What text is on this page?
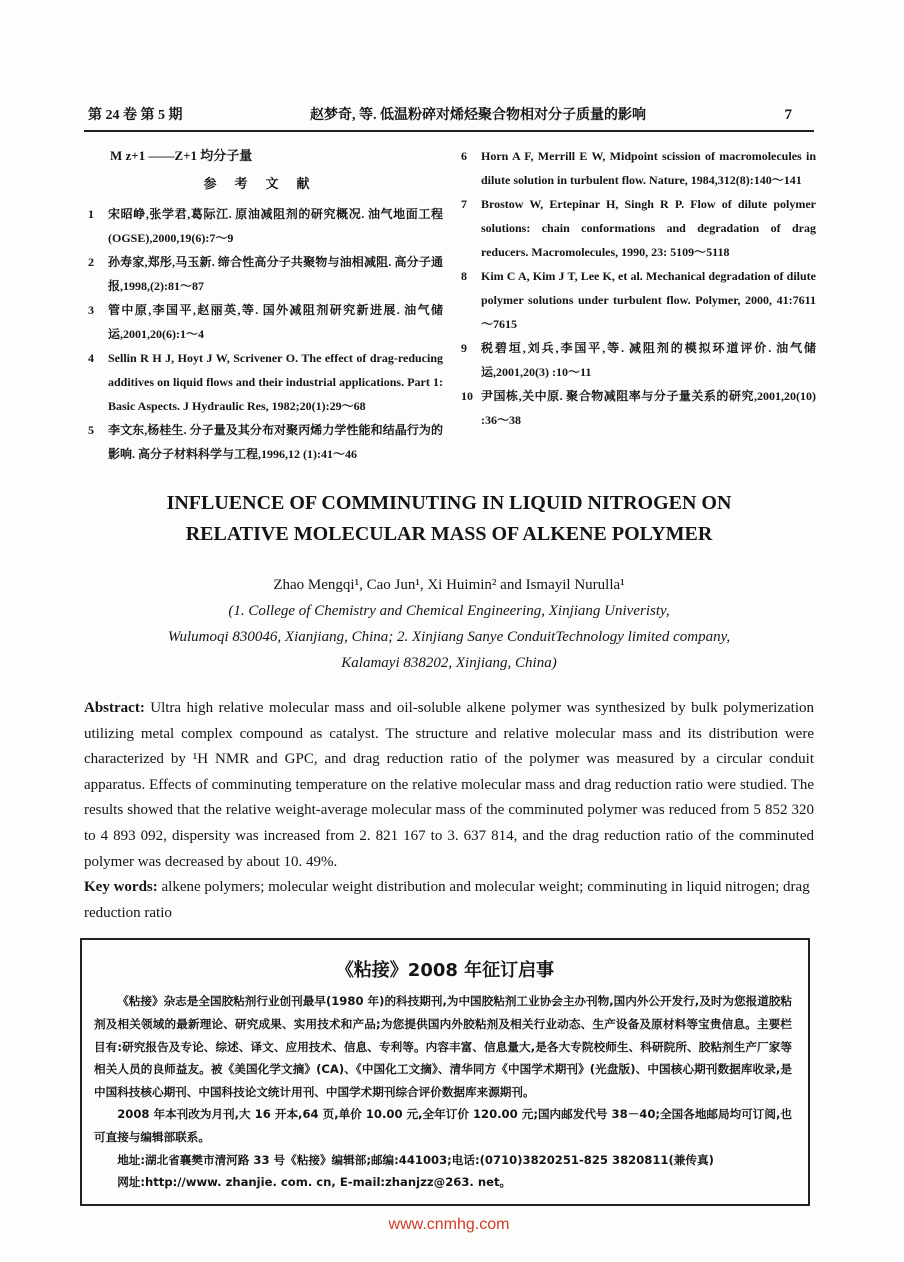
第 24 卷 第 5 期	赵梦奇, 等. 低温粉碎对烯烃聚合物相对分子质量的影响	7
M z+1 ——Z+1 均分子量
参考文献
1	宋昭峥,张学君,葛际江. 原油减阻剂的研究概况. 油气地面工程(OGSE),2000,19(6):7～9
2	孙寿家,郑彤,马玉新. 缔合性高分子共聚物与油相减阻. 高分子通报,1998,(2):81～87
3	管中原,李国平,赵丽英,等. 国外减阻剂研究新进展. 油气储运,2001,20(6):1～4
4	Sellin R H J, Hoyt J W, Scrivener O. The effect of drag-reducing additives on liquid flows and their industrial applications. Part 1: Basic Aspects. J Hydraulic Res, 1982;20(1):29～68
5	李文东,杨桂生. 分子量及其分布对聚丙烯力学性能和结晶行为的影响. 高分子材料科学与工程,1996,12 (1):41～46
6	Horn A F, Merrill E W, Midpoint scission of macromolecules in dilute solution in turbulent flow. Nature, 1984,312(8):140～141
7	Brostow W, Ertepinar H, Singh R P. Flow of dilute polymer solutions: chain conformations and degradation of drag reducers. Macromolecules, 1990, 23: 5109～5118
8	Kim C A, Kim J T, Lee K, et al. Mechanical degradation of dilute polymer solutions under turbulent flow. Polymer, 2000, 41:7611～7615
9	税碧垣,刘兵,李国平,等. 减阻剂的模拟环道评价. 油气储运,2001,20(3) :10～11
10 尹国栋,关中原. 聚合物减阻率与分子量关系的研究,2001,20(10) :36～38
INFLUENCE OF COMMINUTING IN LIQUID NITROGEN ON
RELATIVE MOLECULAR MASS OF ALKENE POLYMER
Zhao Mengqi¹, Cao Jun¹, Xi Huimin² and Ismayil Nurulla¹
(1. College of Chemistry and Chemical Engineering, Xinjiang Univeristy,
Wulumoqi 830046, Xianjiang, China; 2. Xinjiang Sanye ConduitTechnology limited company,
Kalamayi 838202, Xinjiang, China)
Abstract: Ultra high relative molecular mass and oil-soluble alkene polymer was synthesized by bulk polymerization utilizing metal complex compound as catalyst. The structure and relative molecular mass and its distribution were characterized by ¹H NMR and GPC, and drag reduction ratio of the polymer was measured by a circular conduit apparatus. Effects of comminuting temperature on the relative molecular mass and drag reduction ratio were studied. The results showed that the relative weight-average molecular mass of the comminuted polymer was reduced from 5 852 320 to 4 893 092, dispersity was increased from 2. 821 167 to 3. 637 814, and the drag reduction ratio of the comminuted polymer was decreased by about 10. 49%.
Key words: alkene polymers; molecular weight distribution and molecular weight; comminuting in liquid nitrogen; drag reduction ratio
《粘接》2008 年征订启事

《粘接》杂志是全国胶粘剂行业创刊最早(1980 年)的科技期刊,为中国胶粘剂工业协会主办刊物,国内外公开发行,及时为您报道胶粘剂及相关领域的最新理论、研究成果、实用技术和产品;为您提供国内外胶粘剂及相关行业动态、生产设备及原材料等宝贵信息。主要栏目有:研究报告及专论、综述、译文、应用技术、信息、专利等。内容丰富、信息量大,是各大专院校师生、科研院所、胶粘剂生产厂家等相关人员的良师益友。被《美国化学文摘》(CA)、《中国化工文摘》、清华同方《中国学术期刊》(光盘版)、中国核心期刊数据库收录,是中国科技核心期刊、中国科技论文统计用刊、中国学术期刊综合评价数据库来源期刊。

2008 年本刊改为月刊,大 16 开本,64 页,单价 10.00 元,全年订价 120.00 元;国内邮发代号 38－40;全国各地邮局均可订阅,也可直接与编辑部联系。

地址:湖北省襄樊市清河路 33 号《粘接》编辑部;邮编:441003;电话:(0710)3820251-825 3820811(兼传真)

网址:http://www. zhanjie. com. cn, E-mail:zhanjzz@263. net。

www.cnmhg.com
